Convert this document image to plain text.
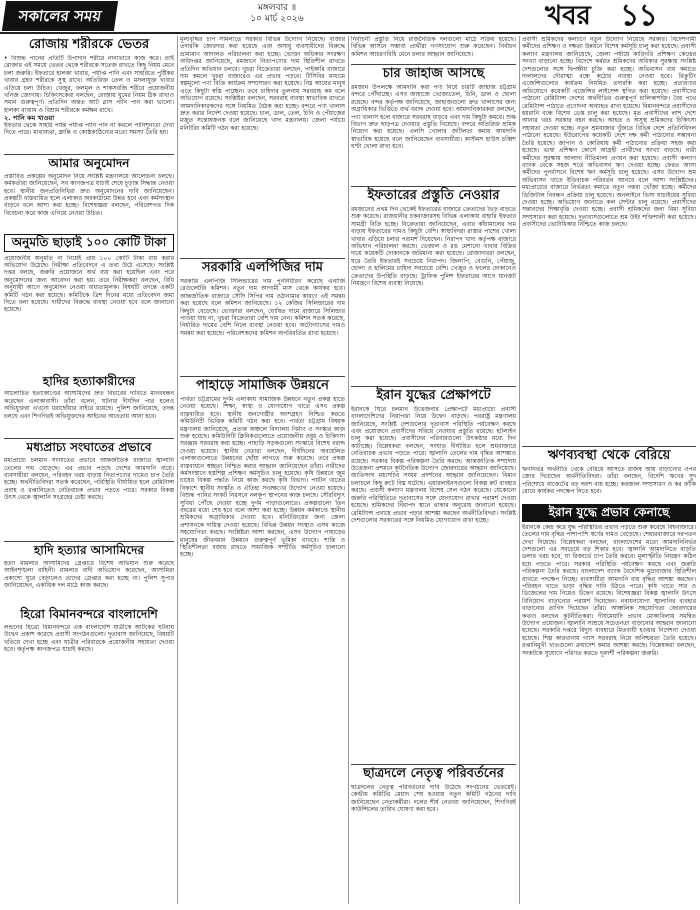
সকালের সময়	মঙ্গলবার ॥
১০ মার্চ ২০২৬	খবর ১১
রোজায় শরীরকে ভেতর
• বিশুদ্ধ পানের প্রতিটি উপাদান শরীরে নানাভাবে কাজ করে। তাই রোজার এই সময়ে ভেতর থেকে শরীরকে সতেজ রাখতে কিছু নিয়ম মেনে চলা জরুরি। ইফতারে হালকা খাবার, পর্যাপ্ত পানি এবং সাহরিতে পুষ্টিকর খাবার গ্রহণ শরীরকে সুস্থ রাখে। অতিরিক্ত তেল ও মসলাযুক্ত খাবার এড়িয়ে চলা উচিত। খেজুর, ফলমূল ও শাকসবজি শরীরে প্রয়োজনীয় খনিজ জোগায়। চিকিৎসকেরা বলছেন, রোজায় ঘুমের নিয়ম ঠিক রাখাও সমান গুরুত্বপূর্ণ। প্রতিদিন অন্তত আট গ্লাস পানি পান করা ভালো। হালকা ব্যায়াম ও বিশ্রাম শরীরকে কর্মক্ষম রাখে।
২. পানি কম খাওয়া
ইফতার থেকে সাহরি পর্যন্ত পর্যাপ্ত পানি পান না করলে পানিশূন্যতা দেখা দিতে পারে। মাথাব্যথা, ক্লান্তি ও কোষ্ঠকাঠিন্যের মতো সমস্যা তৈরি হয়।
আমার অনুমোদন
প্রস্তাবিত প্রকল্পের অনুমোদন নিয়ে সংশ্লিষ্ট মন্ত্রণালয়ে আলোচনা চলছে। কর্মকর্তারা জানিয়েছেন, সব কাগজপত্র যাচাই শেষে চূড়ান্ত সিদ্ধান্ত নেওয়া হবে। স্থানীয় জনপ্রতিনিধিরা দ্রুত অনুমোদনের দাবি জানিয়েছেন। প্রকল্পটি বাস্তবায়িত হলে এলাকার অবকাঠামো উন্নত হবে এবং কর্মসংস্থান বাড়বে বলে আশা করা হচ্ছে। বিশেষজ্ঞরা বলছেন, পরিবেশগত দিক বিবেচনা করে কাজ এগিয়ে নেওয়া উচিত।
অনুমতি ছাড়াই ১০০ কোটি টাকা
প্রয়োজনীয় অনুমতি না নিয়েই প্রায় ১০০ কোটি টাকা ব্যয় করার অভিযোগ উঠেছে। নিরীক্ষা প্রতিবেদনে এ তথ্য উঠে এসেছে। সংশ্লিষ্ট দপ্তর বলছে, জরুরি প্রয়োজনে অর্থ ব্যয় করা হয়েছিল এবং পরে অনুমোদনের জন্য আবেদন করা হয়। তবে নিরীক্ষকরা বলছেন, বিধি অনুযায়ী আগে অনুমোদন নেওয়া বাধ্যতামূলক। বিষয়টি তদন্তে একটি কমিটি গঠন করা হয়েছে। কমিটিকে ত্রিশ দিনের মধ্যে প্রতিবেদন জমা দিতে বলা হয়েছে। দায়ীদের বিরুদ্ধে ব্যবস্থা নেওয়া হবে বলে জানানো হয়েছে।
হাদির হত্যাকারীদের
আলোচিত হত্যাকাণ্ডের আসামিদের দ্রুত বিচারের দাবিতে মানববন্ধন করেছেন এলাকাবাসী। তাঁরা বলেন, ঘটনার দীর্ঘদিন পার হলেও অভিযুক্তরা এখনো ধরাছোঁয়ার বাইরে রয়েছে। পুলিশ জানিয়েছে, তদন্ত চলছে এবং শিগগিরই অভিযুক্তদের আইনের আওতায় আনা হবে।
মধ্যপ্রাচ্য সংঘাতের প্রভাবে
মধ্যপ্রাচ্যে চলমান সংঘাতের প্রভাবে আন্তর্জাতিক বাজারে জ্বালানি তেলের দাম বেড়েছে। এর প্রভাব পড়ছে দেশের আমদানি ব্যয়ে। ব্যবসায়ীরা বলছেন, পরিবহন খরচ বাড়ায় নিত্যপণ্যের দামেও চাপ তৈরি হচ্ছে। অর্থনীতিবিদরা সতর্ক করেছেন, পরিস্থিতি দীর্ঘায়িত হলে রেমিট্যান্স প্রবাহ ও রপ্তানিতেও নেতিবাচক প্রভাব পড়তে পারে। সরকার বিকল্প উৎস থেকে জ্বালানি সংগ্রহের চেষ্টা করছে।
হাদি হত্যার আসামিদের
হত্যা মামলার আসামিদের গ্রেপ্তারে বিশেষ অভিযান শুরু করেছে আইনশৃঙ্খলা বাহিনী। মামলার বাদী অভিযোগ করেছেন, আসামিরা প্রকাশ্যে ঘুরে বেড়ালেও তাদের গ্রেপ্তার করা হচ্ছে না। পুলিশ সুপার জানিয়েছেন, একাধিক দল মাঠে কাজ করছে।
হিরো বিমানবন্দরে বাংলাদেশি
লন্ডনের হিথ্রো বিমানবন্দরে এক বাংলাদেশি যাত্রীকে আটকের ঘটনায় উদ্বেগ প্রকাশ করেছে প্রবাসী সংগঠনগুলো। দূতাবাস জানিয়েছে, বিষয়টি খতিয়ে দেখা হচ্ছে এবং যাত্রীর পরিবারকে প্রয়োজনীয় সহায়তা দেওয়া হবে। কর্তৃপক্ষ কাগজপত্র যাচাই করছে।
মূল্যবৃদ্ধির চাপ সামলাতে সরকার বিভিন্ন উদ্যোগ নিয়েছে। বাজার তদারকি জোরদার করা হয়েছে এবং অসাধু ব্যবসায়ীদের বিরুদ্ধে ভ্রাম্যমাণ আদালত পরিচালনা করা হচ্ছে। ভোক্তা অধিকার সংরক্ষণ অধিদপ্তর জানিয়েছে, রমজানে নিত্যপণ্যের দাম স্থিতিশীল রাখতে প্রতিদিন অভিযান চলবে। খুচরা বিক্রেতারা বলছেন, পাইকারি বাজারে দাম কমলে খুচরা বাজারেও এর প্রভাব পড়বে। টিসিবির মাধ্যমে স্বল্পমূল্যে পণ্য বিক্রি কার্যক্রম সম্প্রসারণ করা হয়েছে। নিম্ন আয়ের মানুষ এতে কিছুটা স্বস্তি পাচ্ছেন। তবে চাহিদার তুলনায় সরবরাহ কম বলে অভিযোগ রয়েছে। সংশ্লিষ্টরা বলছেন, সরবরাহ ব্যবস্থা স্বাভাবিক রাখতে আমদানিকারকদের সঙ্গে নিয়মিত বৈঠক করা হচ্ছে। বন্দরে পণ্য খালাস দ্রুত করার নির্দেশ দেওয়া হয়েছে। চাল, ডাল, তেল, চিনি ও পেঁয়াজের মজুত সন্তোষজনক বলে জানিয়েছে খাদ্য মন্ত্রণালয়। জেলা পর্যায়ে মনিটরিং কমিটি গঠন করা হয়েছে।
সরকারি এলপিজির দাম
সরকারি এলপিজি সিলিন্ডারের দাম পুনর্নির্ধারণ করেছে এনার্জি রেগুলেটরি কমিশন। নতুন দাম আগামী মাস থেকে কার্যকর হবে। আন্তর্জাতিক বাজারে সৌদি সিপির দাম ওঠানামার কারণে এই সমন্বয় করা হয়েছে বলে কমিশন জানিয়েছে। ১২ কেজির সিলিন্ডারের দাম কিছুটা বেড়েছে। ভোক্তারা বলছেন, ঘোষিত দামে বাজারে সিলিন্ডার পাওয়া যায় না, খুচরা বিক্রেতারা বেশি দাম নেন। কমিশন সতর্ক করেছে, নির্ধারিত দামের বেশি নিলে ব্যবস্থা নেওয়া হবে। অটোগ্যাসের দামও সমন্বয় করা হয়েছে। পরিবেশকদের কমিশন অপরিবর্তিত রাখা হয়েছে।
পাহাড়ে সামাজিক উন্নয়নে
পার্বত্য চট্টগ্রামের দুর্গম এলাকায় সামাজিক উন্নয়নে নতুন প্রকল্প হাতে নেওয়া হয়েছে। শিক্ষা, স্বাস্থ্য ও যোগাযোগ খাতে এসব প্রকল্প বাস্তবায়িত হবে। স্থানীয় জনগোষ্ঠীর অংশগ্রহণ নিশ্চিত করতে কমিউনিটি ভিত্তিক কমিটি গঠন করা হবে। পার্বত্য চট্টগ্রাম বিষয়ক মন্ত্রণালয় জানিয়েছে, প্রত্যন্ত অঞ্চলে বিদ্যালয় নির্মাণ ও সংস্কার কাজ শুরু হয়েছে। কমিউনিটি ক্লিনিকগুলোতে প্রয়োজনীয় ওষুধ ও চিকিৎসা সরঞ্জাম সরবরাহ করা হচ্ছে। পাহাড়ি সড়কগুলো সংস্কারে বিশেষ বরাদ্দ দেওয়া হয়েছে। স্থানীয় নেতারা বলছেন, দীর্ঘদিনের অবহেলিত এলাকাগুলোতে উন্নয়নের ছোঁয়া লাগতে শুরু করেছে। তবে প্রকল্প বাস্তবায়নে স্বচ্ছতা নিশ্চিত করার আহ্বান জানিয়েছেন তাঁরা। নারীদের কর্মসংস্থানে হস্তশিল্প প্রশিক্ষণ কর্মসূচিও চালু হয়েছে। কৃষি উন্নয়নে জুম চাষের বিকল্প পদ্ধতি নিয়ে কাজ করছে কৃষি বিভাগ। পর্যটন খাতের বিকাশে স্থানীয় সংস্কৃতি ও ঐতিহ্য সংরক্ষণের উদ্যোগ নেওয়া হয়েছে। বিশুদ্ধ পানির সংকট নিরসনে নলকূপ স্থাপনের কাজ চলছে। সৌরবিদ্যুৎ সুবিধা পৌঁছে দেওয়া হচ্ছে দুর্গম পাড়াগুলোতে। প্রকল্পগুলো তিন বছরের মধ্যে শেষ হবে বলে আশা করা হচ্ছে। উন্নয়ন কর্মকাণ্ডে স্থানীয় শ্রমিকদের অগ্রাধিকার দেওয়া হবে। মনিটরিংয়ের জন্য জেলা প্রশাসনকে দায়িত্ব দেওয়া হয়েছে। বিভিন্ন উন্নয়ন সংস্থাও এসব কাজে সহযোগিতা করছে। সংশ্লিষ্টরা আশা করছেন, এসব উদ্যোগ পাহাড়ের মানুষের জীবনমান উন্নয়নে গুরুত্বপূর্ণ ভূমিকা রাখবে। শান্তি ও স্থিতিশীলতা বজায় রাখতে সামাজিক সম্প্রীতি কর্মসূচিও চালানো হচ্ছে।
নির্বাচনী প্রস্তুতি নিয়ে রাজনৈতিক দলগুলো মাঠে সক্রিয় হয়েছে। বিভিন্ন আসনে সম্ভাব্য প্রার্থীরা গণসংযোগ শুরু করেছেন। নির্বাচন কমিশন আচরণবিধি মেনে চলার আহ্বান জানিয়েছে।
চার জাহাজ আসছে
রমজান উপলক্ষে আমদানি করা পণ্য নিয়ে চারটি জাহাজ চট্টগ্রাম বন্দরে পৌঁছাচ্ছে। এসব জাহাজে ভোজ্যতেল, চিনি, ডাল ও ছোলা রয়েছে। বন্দর কর্তৃপক্ষ জানিয়েছে, জাহাজগুলো দ্রুত খালাসের জন্য অগ্রাধিকার ভিত্তিতে বার্থ বরাদ্দ দেওয়া হবে। আমদানিকারকরা বলছেন, পণ্য খালাস হলে বাজারে সরবরাহ বাড়বে এবং দাম কিছুটা কমবে। শুল্ক বিভাগ দ্রুত ছাড়পত্র দেওয়ার প্রস্তুতি নিয়েছে। বন্দরে অতিরিক্ত শ্রমিক নিয়োগ করা হয়েছে। এলসি খোলার জটিলতা কমায় আমদানি স্বাভাবিক হয়েছে বলে জানিয়েছেন ব্যবসায়ীরা। কাস্টমস হাউস চব্বিশ ঘণ্টা খোলা রাখা হবে।
ইফতারের প্রস্তুতি নেওয়ার
রমজানের প্রথম দিন থেকেই ইফতারের বাজারে ক্রেতাদের ভিড় বাড়তে শুরু করেছে। রাজধানীর চকবাজারসহ বিভিন্ন এলাকায় বাহারি ইফতার সামগ্রী বিক্রি হচ্ছে। বিক্রেতারা জানিয়েছেন, এবার কাঁচামালের দাম বাড়ায় ইফতারের দামও কিছুটা বেশি। স্বাস্থ্যবিদরা রাস্তার পাশের খোলা খাবার এড়িয়ে চলার পরামর্শ দিয়েছেন। নিরাপদ খাদ্য কর্তৃপক্ষ বাজারে অভিযান পরিচালনা করছে। ভেজাল ও রঙ মেশানো খাবার বিক্রির দায়ে কয়েকটি দোকানকে জরিমানা করা হয়েছে। রোজাদাররা বলছেন, ঘরে তৈরি ইফতারই সবচেয়ে নিরাপদ। জিলাপি, বেগুনি, পেঁয়াজু, ছোলা ও হালিমের চাহিদা সবচেয়ে বেশি। খেজুর ও ফলের দোকানেও ক্রেতাদের উপস্থিতি বাড়ছে। ট্রাফিক পুলিশ ইফতারের আগে যানজট নিয়ন্ত্রণে বিশেষ ব্যবস্থা নিয়েছে।
ইরান যুদ্ধের প্রেক্ষাপটে
ইরানকে ঘিরে চলমান উত্তেজনার প্রেক্ষাপটে মধ্যপ্রাচ্যে প্রবাসী বাংলাদেশিদের নিরাপত্তা নিয়ে উদ্বেগ বাড়ছে। পররাষ্ট্র মন্ত্রণালয় জানিয়েছে, সংশ্লিষ্ট দেশগুলোর দূতাবাস পরিস্থিতি পর্যবেক্ষণ করছে এবং প্রয়োজনে প্রবাসীদের সরিয়ে নেওয়ার প্রস্তুতি রয়েছে। হটলাইন চালু করা হয়েছে। প্রবাসীদের পরিবারগুলো উৎকণ্ঠার মধ্যে দিন কাটাচ্ছে। বিশ্লেষকরা বলছেন, সংঘাত দীর্ঘায়িত হলে শ্রমবাজারে নেতিবাচক প্রভাব পড়তে পারে। জ্বালানি তেলের দাম বৃদ্ধির আশঙ্কাও রয়েছে। সরকার বিকল্প পরিকল্পনা তৈরি করছে। আন্তর্জাতিক সম্প্রদায় উত্তেজনা প্রশমনে কূটনৈতিক উদ্যোগ জোরদারের আহ্বান জানিয়েছে। জাতিসংঘ মহাসচিব সংযম প্রদর্শনের আহ্বান জানিয়েছেন। বিমান চলাচলে কিছু রুটে বিঘ্ন ঘটেছে। এয়ারলাইনসগুলো বিকল্প রুট ব্যবহার করছে। প্রবাসী কল্যাণ মন্ত্রণালয় বিশেষ সেল গঠন করেছে। যেকোনো জরুরি পরিস্থিতিতে দূতাবাসের সঙ্গে যোগাযোগ রাখার পরামর্শ দেওয়া হয়েছে। শ্রমিকদের নিরাপদ স্থানে থাকার অনুরোধ জানানো হয়েছে। রেমিট্যান্স প্রবাহে প্রভাব পড়ার আশঙ্কা করছেন অর্থনীতিবিদরা। সংশ্লিষ্ট দেশগুলোর সরকারের সঙ্গে নিয়মিত যোগাযোগ রাখা হচ্ছে।
ছাত্রদলে নেতৃত্ব পরিবর্তনের
ছাত্রদলের নেতৃত্ব পরিবর্তনের দাবি উঠেছে সংগঠনের ভেতরেই। কেন্দ্রীয় কমিটির মেয়াদ শেষ হওয়ায় নতুন কমিটি গঠনের দাবি জানিয়েছেন নেতাকর্মীরা। দলের শীর্ষ নেতারা জানিয়েছেন, শিগগিরই কাউন্সিলের তারিখ ঘোষণা করা হবে।
প্রবাসী শ্রমিকদের কল্যাণে নতুন উদ্যোগ নিয়েছে সরকার। বিদেশগামী কর্মীদের প্রশিক্ষণ ও দক্ষতা উন্নয়নে বিশেষ কর্মসূচি চালু করা হয়েছে। প্রবাসী কল্যাণ মন্ত্রণালয় জানিয়েছে, জেলা পর্যায়ে কারিগরি প্রশিক্ষণ কেন্দ্রের সংখ্যা বাড়ানো হচ্ছে। বিদেশে কর্মরত শ্রমিকদের অধিকার সুরক্ষায় সংশ্লিষ্ট দেশগুলোর সঙ্গে দ্বিপক্ষীয় চুক্তি করা হচ্ছে। অভিবাসন ব্যয় কমাতে দালালদের দৌরাত্ম্য বন্ধে কঠোর ব্যবস্থা নেওয়া হবে। রিক্রুটিং এজেন্সিগুলোর কার্যক্রম নিয়মিত তদারকি করা হচ্ছে। প্রতারণার অভিযোগে কয়েকটি এজেন্সির লাইসেন্স স্থগিত করা হয়েছে। প্রবাসীদের পাঠানো রেমিট্যান্স দেশের অর্থনীতির গুরুত্বপূর্ণ চালিকাশক্তি। বৈধ পথে রেমিট্যান্স পাঠাতে প্রণোদনা অব্যাহত রাখা হয়েছে। বিমানবন্দরে প্রবাসীদের হয়রানি বন্ধে বিশেষ ডেস্ক চালু করা হয়েছে। মৃত প্রবাসীদের লাশ দেশে আনার খরচ সরকার বহন করছে। আহত ও অসুস্থ শ্রমিকদের চিকিৎসা সহায়তা দেওয়া হচ্ছে। নতুন শ্রমবাজার খুঁজতে বিভিন্ন দেশে প্রতিনিধিদল পাঠানো হয়েছে। ইউরোপের কয়েকটি দেশে দক্ষ কর্মী পাঠানোর সম্ভাবনা তৈরি হয়েছে। জাপান ও কোরিয়ায় কর্মী পাঠানোর প্রক্রিয়া সহজ করা হয়েছে। ভাষা প্রশিক্ষণ কোর্সে আগ্রহী প্রার্থীদের সংখ্যা বাড়ছে। নারী কর্মীদের সুরক্ষায় আলাদা নীতিমালা প্রণয়ন করা হয়েছে। প্রবাসী কল্যাণ ব্যাংক থেকে সহজ শর্তে অভিবাসন ঋণ দেওয়া হচ্ছে। ফেরত আসা কর্মীদের পুনর্বাসনে বিশেষ ঋণ কর্মসূচি চালু হয়েছে। এসব উদ্যোগ শ্রম অভিবাসন খাতে ইতিবাচক পরিবর্তন আনবে বলে আশা সংশ্লিষ্টদের। মধ্যপ্রাচ্যের বাজারে নির্ভরতা কমাতে নতুন গন্তব্য খোঁজা হচ্ছে। কর্মীদের ডিজিটাল নিবন্ধন প্রক্রিয়া চালু হয়েছে। অনলাইনে ভিসা যাচাইয়ের সুবিধা দেওয়া হচ্ছে। অভিযোগ জানাতে কল সেন্টার চালু রয়েছে। প্রবাসীদের সন্তানদের শিক্ষাবৃত্তি দেওয়া হচ্ছে। প্রবাসী শ্রমিকদের জন্য বিমা সুবিধা সম্প্রসারণ করা হয়েছে। দূতাবাসগুলোতে শ্রম উইং শক্তিশালী করা হয়েছে। প্রবাসীদের ভোটাধিকার নিশ্চিতে কাজ চলছে।
ঋণব্যবস্থা থেকে বেরিয়ে
ঋণনির্ভর অর্থনীতি থেকে বেরিয়ে আসতে রাজস্ব আয় বাড়ানোর ওপর জোর দিয়েছেন অর্থনীতিবিদরা। তাঁরা বলছেন, বিদেশি ঋণের সুদ পরিশোধে বাজেটের বড় অংশ ব্যয় হচ্ছে। করজাল সম্প্রসারণ ও কর ফাঁকি রোধে কার্যকর পদক্ষেপ নিতে হবে।
ইরান যুদ্ধে প্রভাব কেনাছে
ইরানকে কেন্দ্র করে যুদ্ধ পরিস্থিতির প্রভাব পড়তে শুরু করেছে বিশ্ববাজারে। তেলের দাম বৃদ্ধির পাশাপাশি স্বর্ণের দামও বেড়েছে। শেয়ারবাজারে দরপতন দেখা দিয়েছে। বিশ্লেষকরা বলছেন, বাংলাদেশের মতো আমদানিনির্ভর দেশগুলো এর সবচেয়ে বড় শিকার হবে। জ্বালানি আমদানিতে বাড়তি ডলার খরচ হবে, যা রিজার্ভে চাপ তৈরি করবে। মূল্যস্ফীতি নিয়ন্ত্রণ কঠিন হয়ে পড়তে পারে। সরকার পরিস্থিতি পর্যবেক্ষণ করছে এবং জরুরি পরিকল্পনা তৈরি করছে। বাংলাদেশ ব্যাংক বৈদেশিক মুদ্রাবাজার স্থিতিশীল রাখতে পদক্ষেপ নিচ্ছে। ব্যবসায়ীরা আমদানি ব্যয় বৃদ্ধির আশঙ্কা করছেন। পরিবহন খাতে ভাড়া বৃদ্ধির দাবি উঠতে পারে। কৃষি খাতে সার ও ডিজেলের দাম নিয়েও উদ্বেগ রয়েছে। বিশেষজ্ঞরা বিকল্প জ্বালানি উৎসে বিনিয়োগ বাড়ানোর পরামর্শ দিয়েছেন। নবায়নযোগ্য জ্বালানির ব্যবহার বাড়ানোর তাগিদ দিয়েছেন তাঁরা। আঞ্চলিক সহযোগিতা জোরদারের কথাও বলছেন কূটনীতিকরা। দীর্ঘমেয়াদি প্রভাব মোকাবিলায় সমন্বিত উদ্যোগ প্রয়োজন। জ্বালানি সাশ্রয়ে সচেতনতা বাড়ানোর আহ্বান জানানো হয়েছে। সরকারি দপ্তরে বিদ্যুৎ ব্যবহারে মিতব্যয়ী হওয়ার নির্দেশনা দেওয়া হয়েছে। শিল্প কারখানায় গ্যাস সরবরাহ নিয়ে অনিশ্চয়তা তৈরি হয়েছে। রপ্তানিমুখী খাতগুলো ক্রয়াদেশ কমার আশঙ্কা করছে। বিশ্লেষকরা বলছেন, সংকটকে সুযোগে পরিণত করতে দূরদর্শী পরিকল্পনা জরুরি।
